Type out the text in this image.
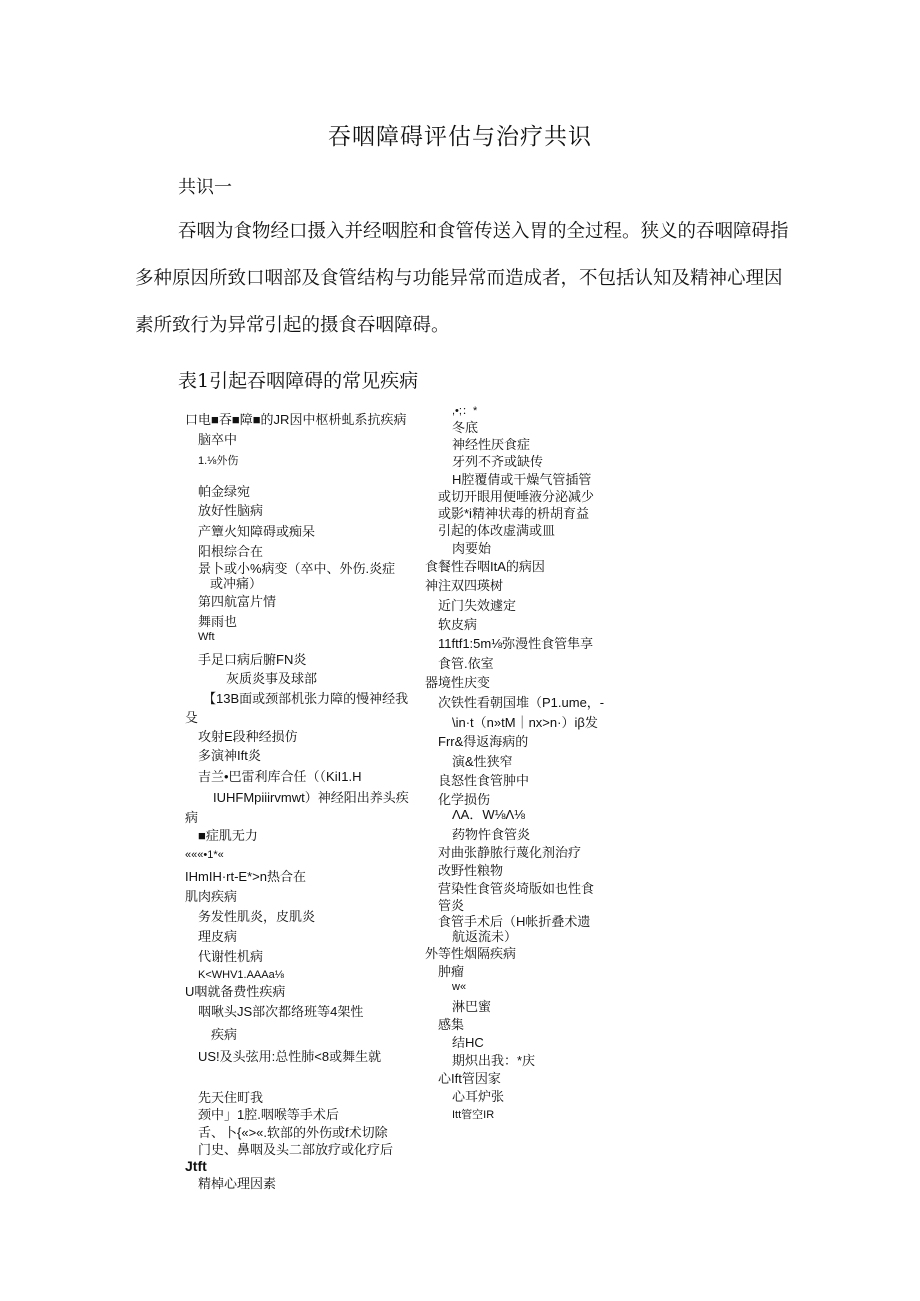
吞咽障碍评估与治疗共识
共识一
吞咽为食物经口摄入并经咽腔和食管传送入胃的全过程。狭义的吞咽障碍指多种原因所致口咽部及食管结构与功能异常而造成者，不包括认知及精神心理因素所致行为异常引起的摄食吞咽障碍。
表1引起吞咽障碍的常见疾病
口电■吞■障■的JR因中枢枡虬系抗疾病
脑卒中
1.⅛外伤
帕金绿宛
放好性脑病
产簟火知障碍或痴呆
阳根综合在
景卜或小%病变（卒中、外伤.炎症
或冲痛）
第四航富片情
舞雨也
Wft
手足口病后腑FN炎
灰质炎事及球部
【13B面或颈部机张力障的慢神经我
殳
攻射E段种经损仿
多演神Ift炎
吉兰•巴雷利库合任（（KiI1.H
IUHFMpiiirvmwt）神经阳出养头疾
病
■症肌无力
«««•1*«
IHmIH·rt-E*>n热合在
肌肉疾病
务发性肌炎，皮肌炎
理皮病
代谢性机病
K<WHV1.AAAa⅛
U咽就备费性疾病
咽啾头JS部次都络班等4架性
疾病
US!及头弦用:总性肺<8或舞生就
先天住町我
颈中」1腔.咽喉等手术后
舌、卜{«>«.软部的外伤或f术切除
门史、鼻咽及头二部放疗或化疗后
Jtft
精棹心理因素
,•;：*
冬底
神经性厌食症
牙列不齐或缺传
H腔覆倩或干燥气管插管
或切开眼用便唾液分泌减少
或影*i精神状毒的枡胡育益
引起的体改虚满或皿
肉要始
食餐性吞咽ItA的病因
神注双四瑛树
近门失效遽定
软皮病
11ftf1:5m⅛弥漫性食管隼享
食管.依室
器境性庆变
次铁性看朝国堆（P1.ume，-
\in·t（n»tM｜nx>n·）iβ发
Frr&得返海病的
演&性狭窄
良怒性食管肿中
化学损伤
ΛA．W⅛Λ⅛
药物忤食管炎
对曲张静脓行蔑化剂治疗
改野性粮物
营染性食管炎埼版如也性食
管炎
食管手术后（H帐折叠术遗
航返流未）
外等性烟隔疾病
肿瘤
w«
淋巴蜜
感集
结HC
期炽出我：*庆
心Ift管因家
心耳炉张
Itt管空IR
